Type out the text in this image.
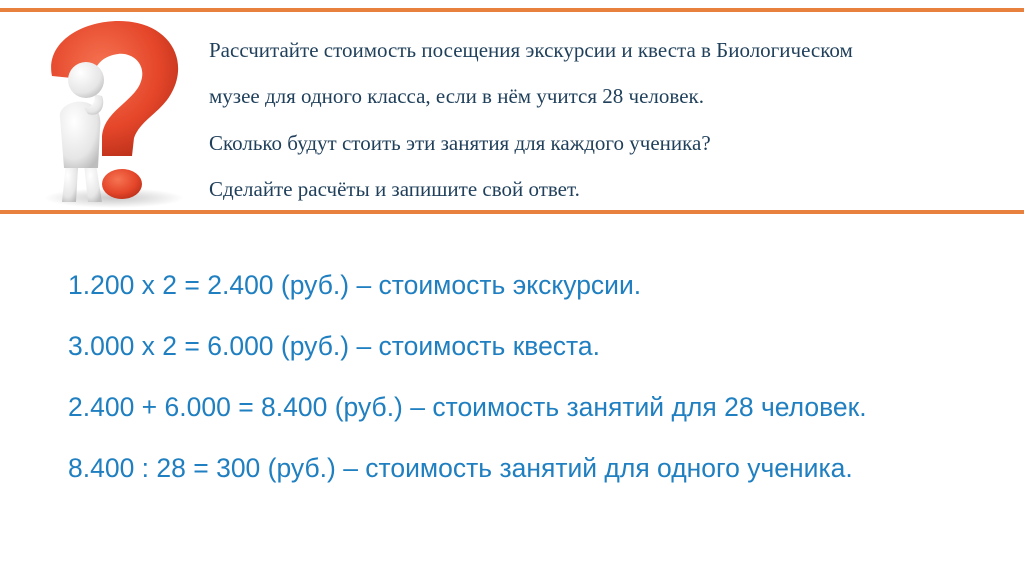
Рассчитайте стоимость посещения экскурсии и квеста в Биологическом
музее для одного класса, если в нём учится 28 человек.
Сколько будут стоить эти занятия для каждого ученика?
Сделайте расчёты и запишите свой ответ.
1.200 х 2 = 2.400 (руб.) – стоимость экскурсии.
3.000 х 2 = 6.000 (руб.) – стоимость квеста.
2.400 + 6.000 = 8.400 (руб.) – стоимость занятий для 28 человек.
8.400 : 28 = 300 (руб.) – стоимость занятий для одного ученика.
